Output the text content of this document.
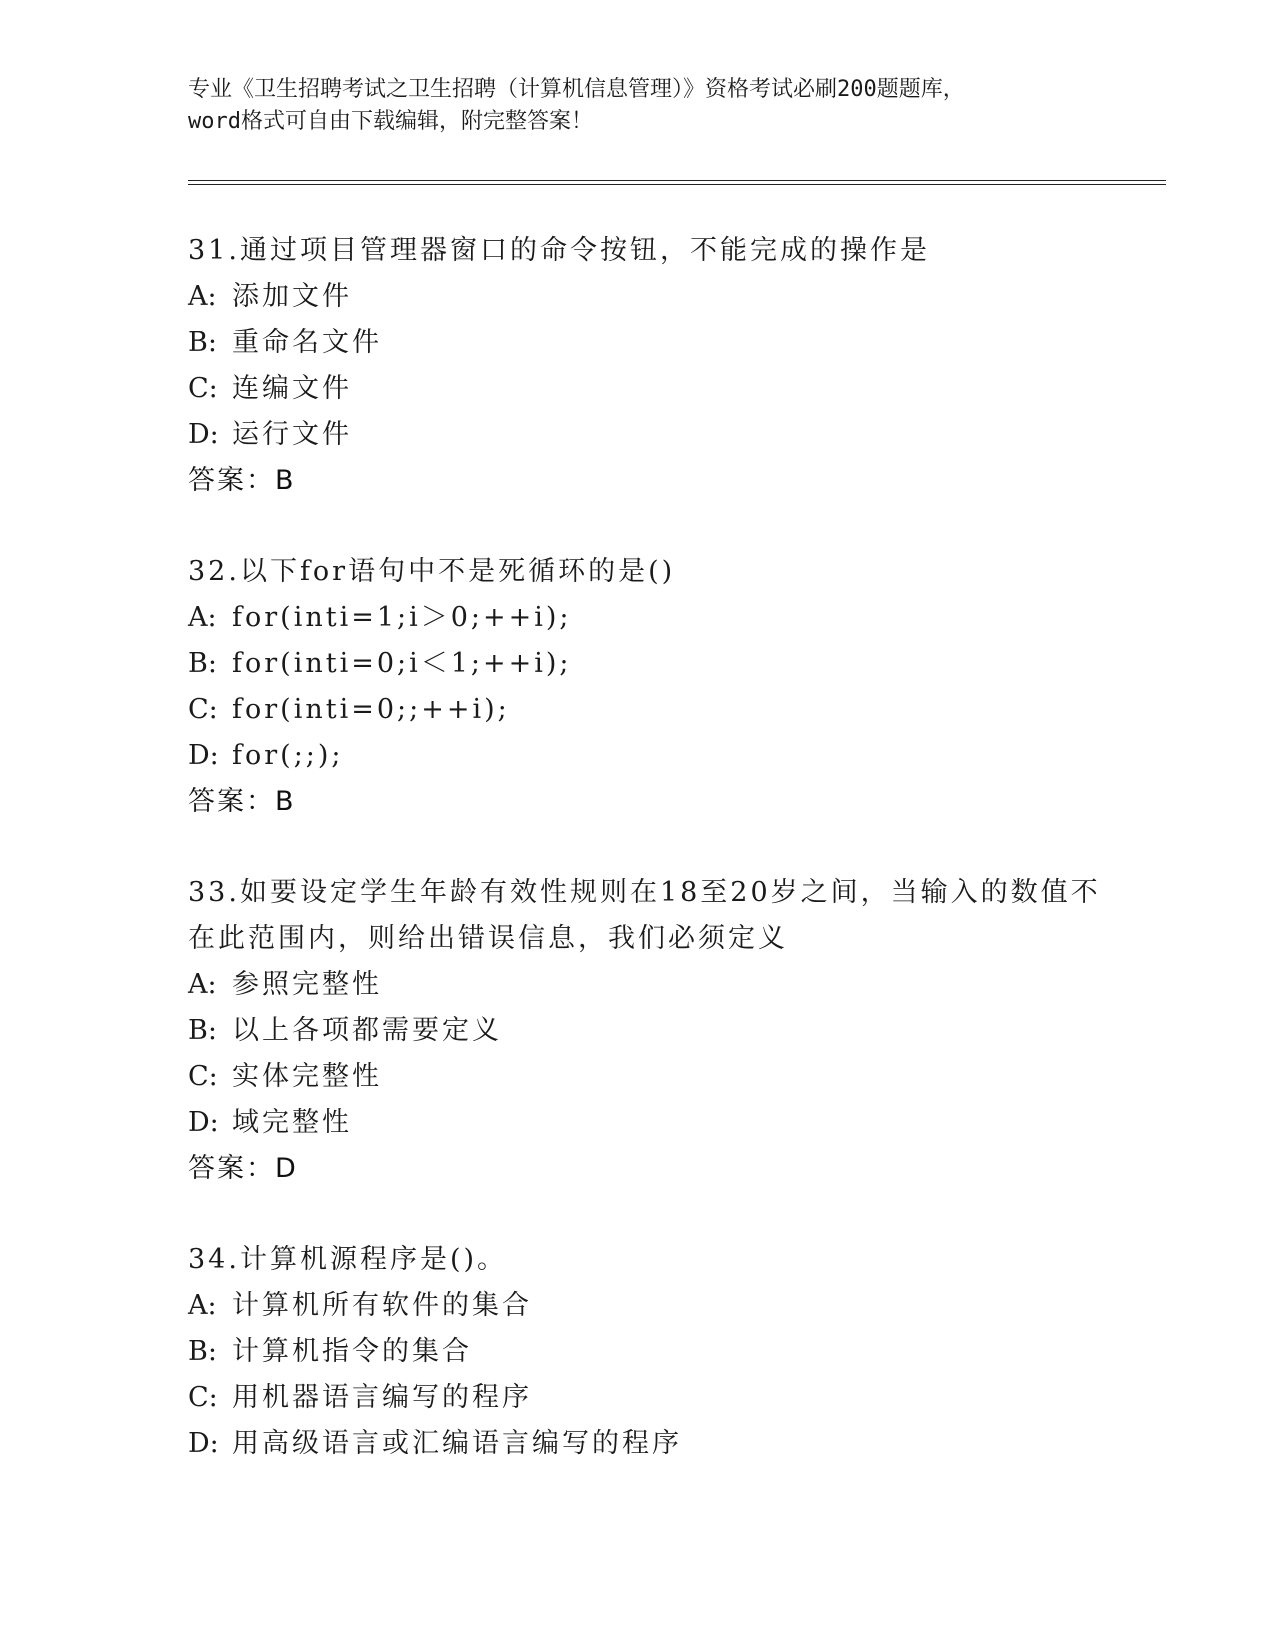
专业《卫生招聘考试之卫生招聘（计算机信息管理）》资格考试必刷200题题库，
word格式可自由下载编辑，附完整答案！
31.通过项目管理器窗口的命令按钮，不能完成的操作是
A: 添加文件
B: 重命名文件
C: 连编文件
D: 运行文件
答案：B
32.以下for语句中不是死循环的是()
A: for(inti=1;i＞0;++i);
B: for(inti=0;i＜1;++i);
C: for(inti=0;;++i);
D: for(;;);
答案：B
33.如要设定学生年龄有效性规则在18至20岁之间，当输入的数值不
在此范围内，则给出错误信息，我们必须定义
A: 参照完整性
B: 以上各项都需要定义
C: 实体完整性
D: 域完整性
答案：D
34.计算机源程序是()。
A: 计算机所有软件的集合
B: 计算机指令的集合
C: 用机器语言编写的程序
D: 用高级语言或汇编语言编写的程序
